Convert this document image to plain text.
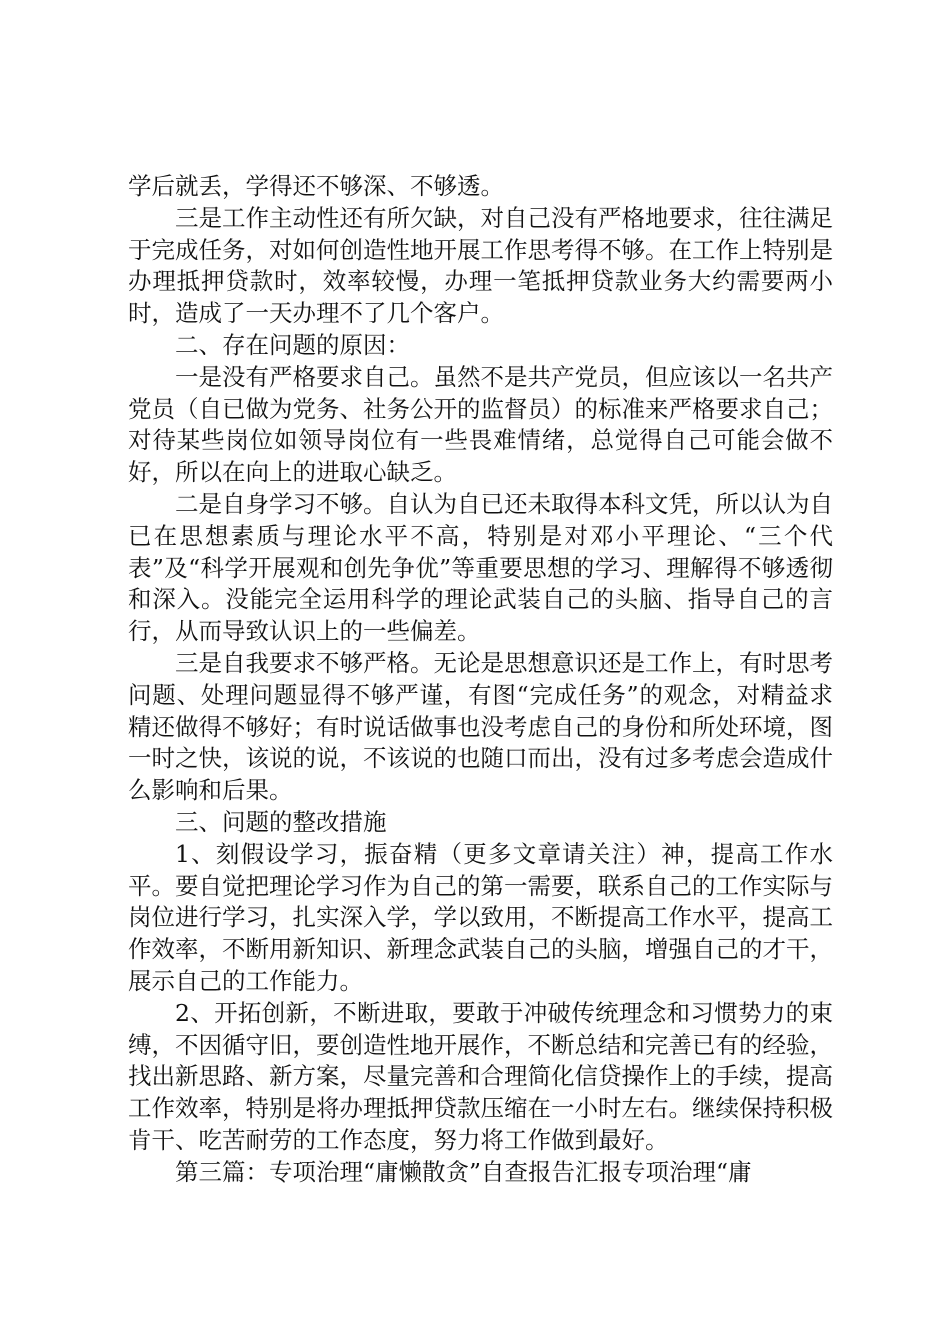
学后就丢，学得还不够深、不够透。

三是工作主动性还有所欠缺，对自己没有严格地要求，往往满足于完成任务，对如何创造性地开展工作思考得不够。在工作上特别是办理抵押贷款时，效率较慢，办理一笔抵押贷款业务大约需要两小时，造成了一天办理不了几个客户。

二、存在问题的原因：

一是没有严格要求自己。虽然不是共产党员，但应该以一名共产党员（自已做为党务、社务公开的监督员）的标准来严格要求自己；对待某些岗位如领导岗位有一些畏难情绪，总觉得自己可能会做不好，所以在向上的进取心缺乏。

二是自身学习不够。自认为自已还未取得本科文凭，所以认为自已在思想素质与理论水平不高，特别是对邓小平理论、“三个代表”及“科学开展观和创先争优”等重要思想的学习、理解得不够透彻和深入。没能完全运用科学的理论武装自己的头脑、指导自己的言行，从而导致认识上的一些偏差。

三是自我要求不够严格。无论是思想意识还是工作上，有时思考问题、处理问题显得不够严谨，有图“完成任务”的观念，对精益求精还做得不够好；有时说话做事也没考虑自己的身份和所处环境，图一时之快，该说的说，不该说的也随口而出，没有过多考虑会造成什么影响和后果。

三、问题的整改措施

1、刻假设学习，振奋精（更多文章请关注）神，提高工作水平。要自觉把理论学习作为自己的第一需要，联系自己的工作实际与岗位进行学习，扎实深入学，学以致用，不断提高工作水平，提高工作效率，不断用新知识、新理念武装自己的头脑，增强自己的才干，展示自己的工作能力。

2、开拓创新，不断进取，要敢于冲破传统理念和习惯势力的束缚，不因循守旧，要创造性地开展作，不断总结和完善已有的经验，找出新思路、新方案，尽量完善和合理简化信贷操作上的手续，提高工作效率，特别是将办理抵押贷款压缩在一小时左右。继续保持积极肯干、吃苦耐劳的工作态度，努力将工作做到最好。

第三篇：专项治理“庸懒散贪”自查报告汇报专项治理“庸
